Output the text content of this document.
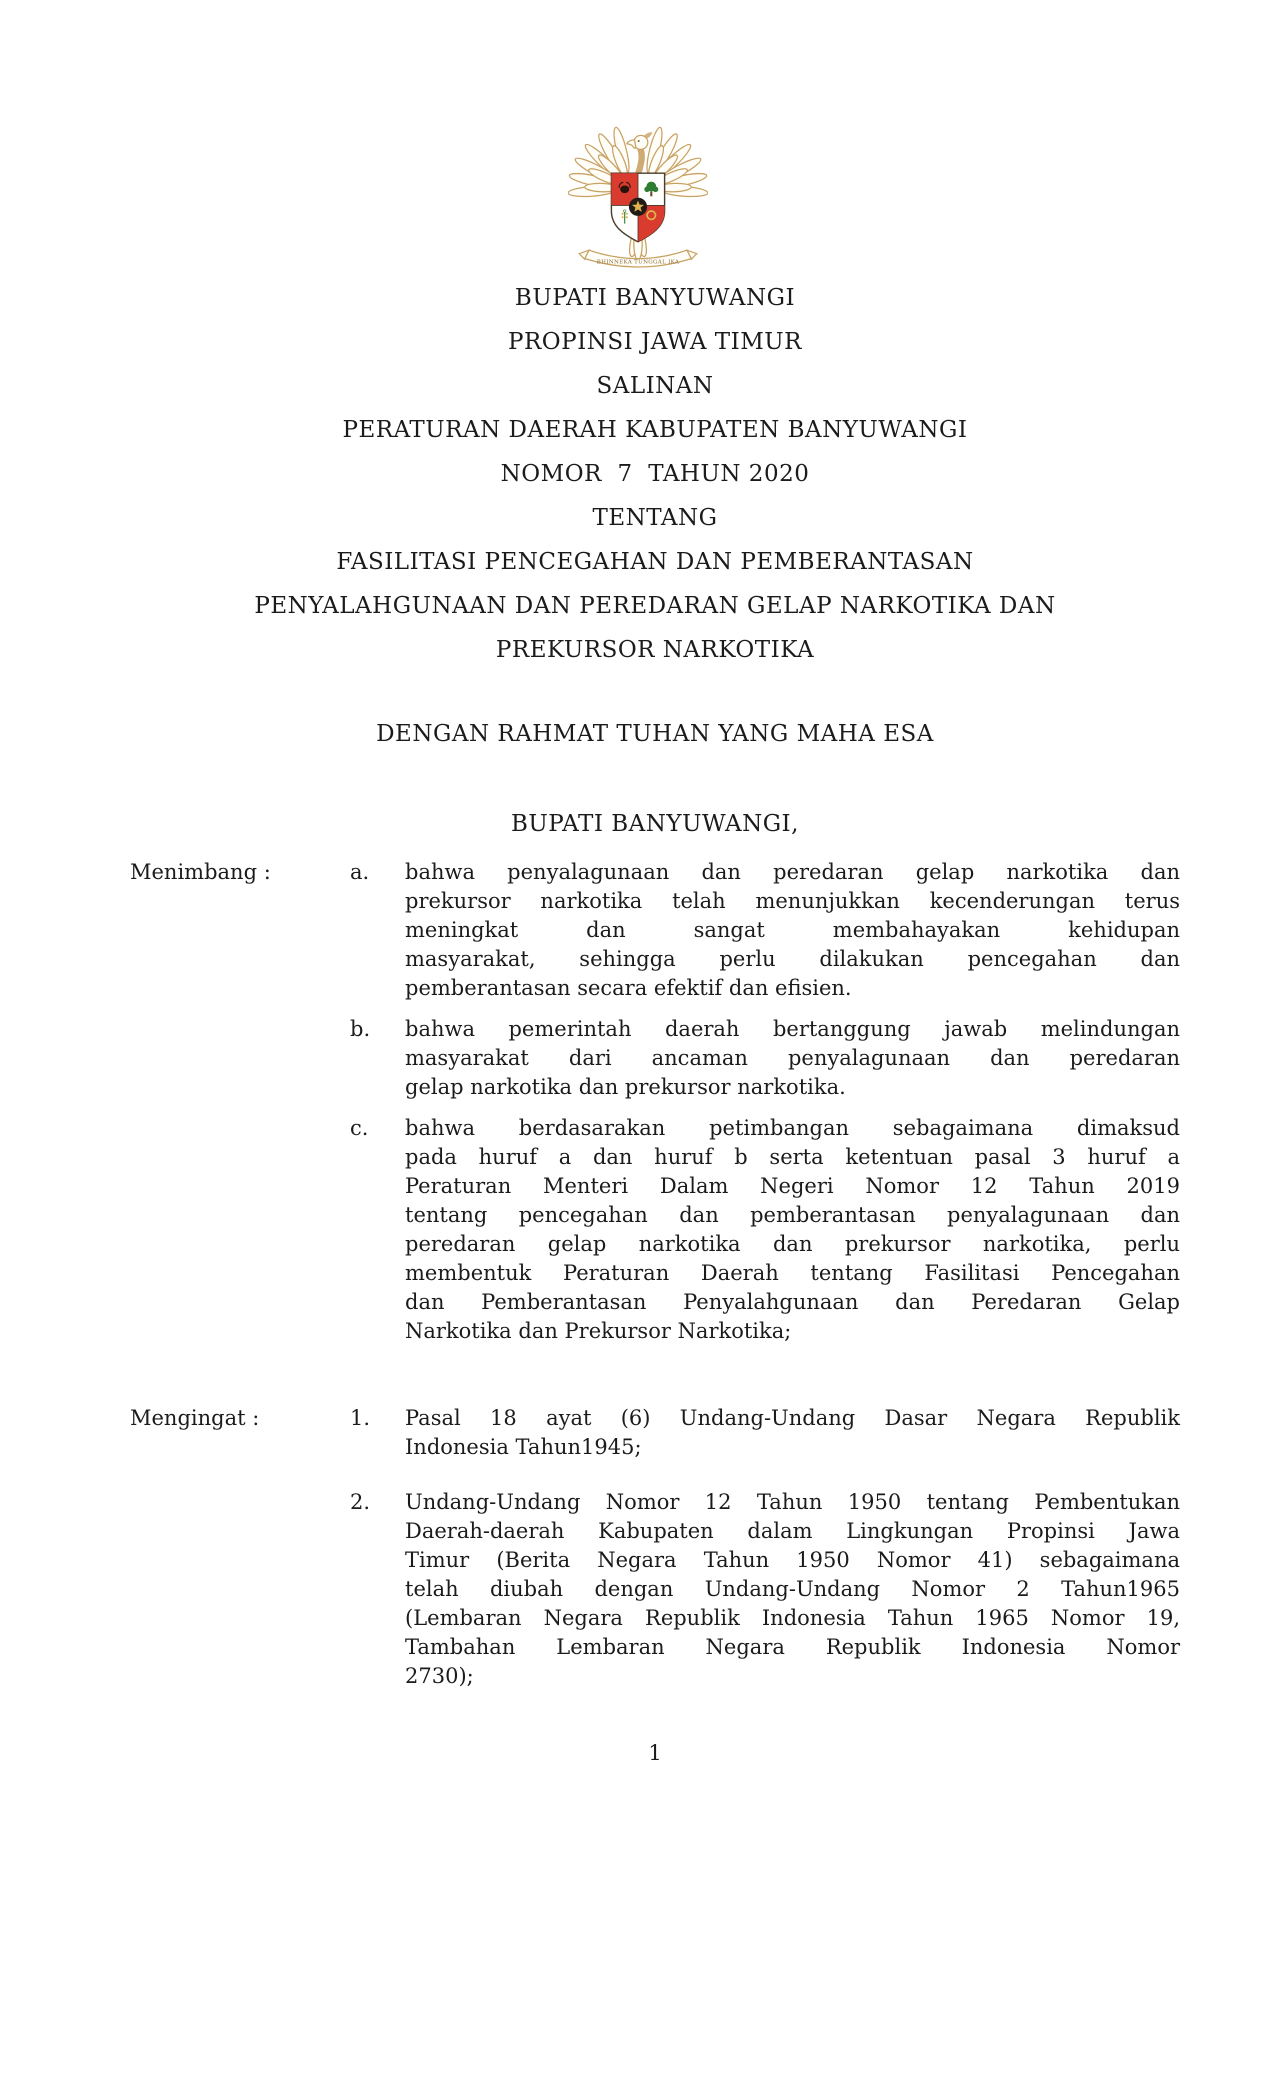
BHINNEKA TUNGGAL IKA
BUPATI BANYUWANGI
PROPINSI JAWA TIMUR
SALINAN
PERATURAN DAERAH KABUPATEN BANYUWANGI
NOMOR  7  TAHUN 2020
TENTANG
FASILITASI PENCEGAHAN DAN PEMBERANTASAN
PENYALAHGUNAAN DAN PEREDARAN GELAP NARKOTIKA DAN
PREKURSOR NARKOTIKA
DENGAN RAHMAT TUHAN YANG MAHA ESA
BUPATI BANYUWANGI,
Menimbang :	a.	bahwa penyalagunaan dan peredaran gelap narkotika dan
prekursor narkotika telah menunjukkan kecenderungan terus
meningkat dan sangat membahayakan kehidupan
masyarakat, sehingga perlu dilakukan pencegahan dan
pemberantasan secara efektif dan efisien.
b.	bahwa pemerintah daerah bertanggung jawab melindungan
masyarakat dari ancaman penyalagunaan dan peredaran
gelap narkotika dan prekursor narkotika.
c.	bahwa berdasarakan petimbangan sebagaimana dimaksud
pada huruf a dan huruf b serta ketentuan pasal 3 huruf a
Peraturan Menteri Dalam Negeri Nomor 12 Tahun 2019
tentang pencegahan dan pemberantasan penyalagunaan dan
peredaran gelap narkotika dan prekursor narkotika, perlu
membentuk Peraturan Daerah tentang Fasilitasi Pencegahan
dan Pemberantasan Penyalahgunaan dan Peredaran Gelap
Narkotika dan Prekursor Narkotika;
Mengingat :	1.	Pasal 18 ayat (6) Undang-Undang Dasar Negara Republik
Indonesia Tahun1945;
2.	Undang-Undang Nomor 12 Tahun 1950 tentang Pembentukan
Daerah-daerah Kabupaten dalam Lingkungan Propinsi Jawa
Timur (Berita Negara Tahun 1950 Nomor 41) sebagaimana
telah diubah dengan Undang-Undang Nomor 2 Tahun1965
(Lembaran Negara Republik Indonesia Tahun 1965 Nomor 19,
Tambahan Lembaran Negara Republik Indonesia Nomor
2730);
1
